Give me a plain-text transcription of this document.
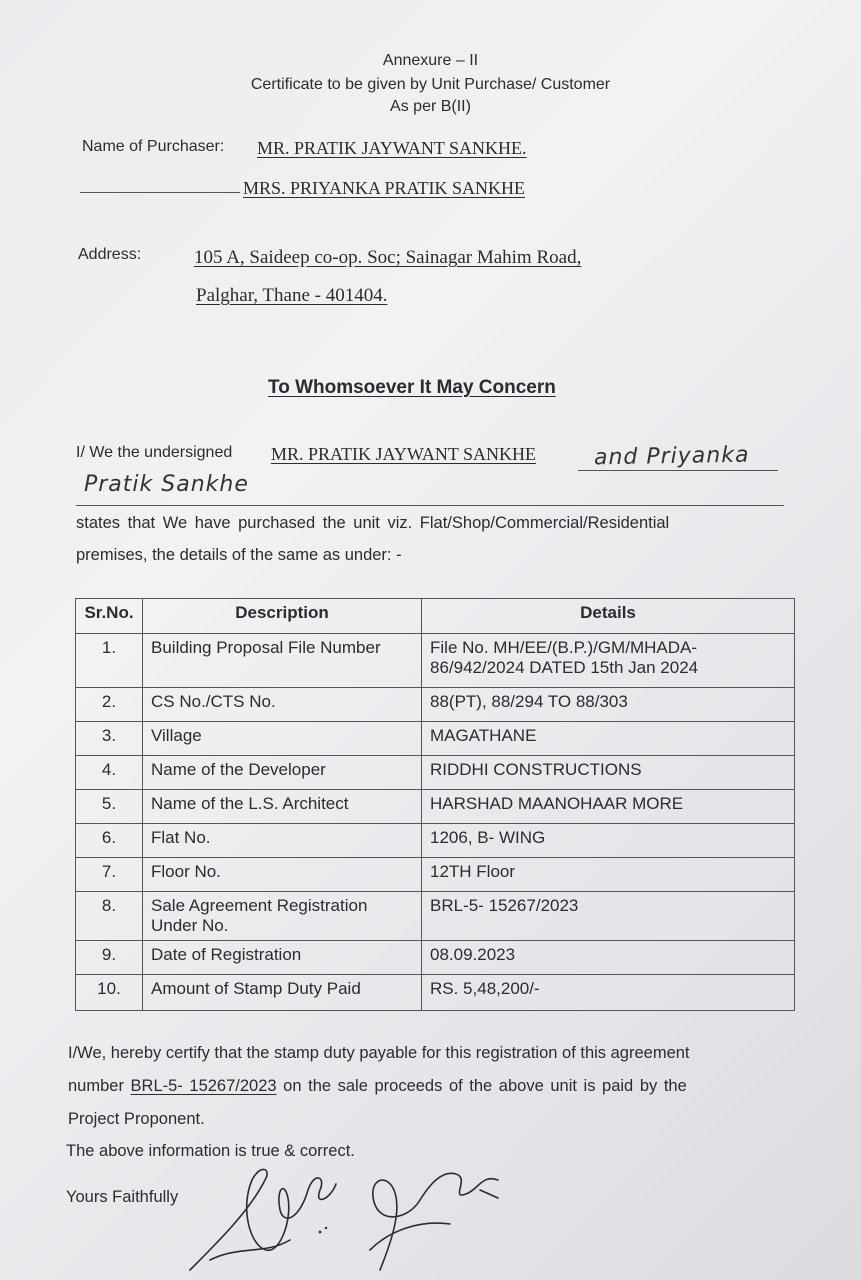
Annexure – II
Certificate to be given by Unit Purchase/ Customer
As per B(II)
Name of Purchaser: MR. PRATIK JAYWANT SANKHE.
MRS. PRIYANKA PRATIK SANKHE
Address:	105 A, Saideep co-op. Soc; Sainagar Mahim Road,
Palghar, Thane - 401404.
To Whomsoever It May Concern
I/ We the undersigned MR. PRATIK JAYWANT SANKHE	and Priyanka
Pratik Sankhe
states that We have purchased the unit viz. Flat/Shop/Commercial/Residential
premises, the details of the same as under: -
Sr.No.	Description	Details
1.	Building Proposal File Number	File No. MH/EE/(B.P.)/GM/MHADA-86/942/2024 DATED 15th Jan 2024
2.	CS No./CTS No.	88(PT), 88/294 TO 88/303
3.	Village	MAGATHANE
4.	Name of the Developer	RIDDHI CONSTRUCTIONS
5.	Name of the L.S. Architect	HARSHAD MAANOHAAR MORE
6.	Flat No.	1206, B- WING
7.	Floor No.	12TH Floor
8.	Sale Agreement Registration Under No.	BRL-5- 15267/2023
9.	Date of Registration	08.09.2023
10.	Amount of Stamp Duty Paid	RS. 5,48,200/-
I/We, hereby certify that the stamp duty payable for this registration of this agreement
number BRL-5- 15267/2023 on the sale proceeds of the above unit is paid by the
Project Proponent.
The above information is true & correct.
Yours Faithfully
